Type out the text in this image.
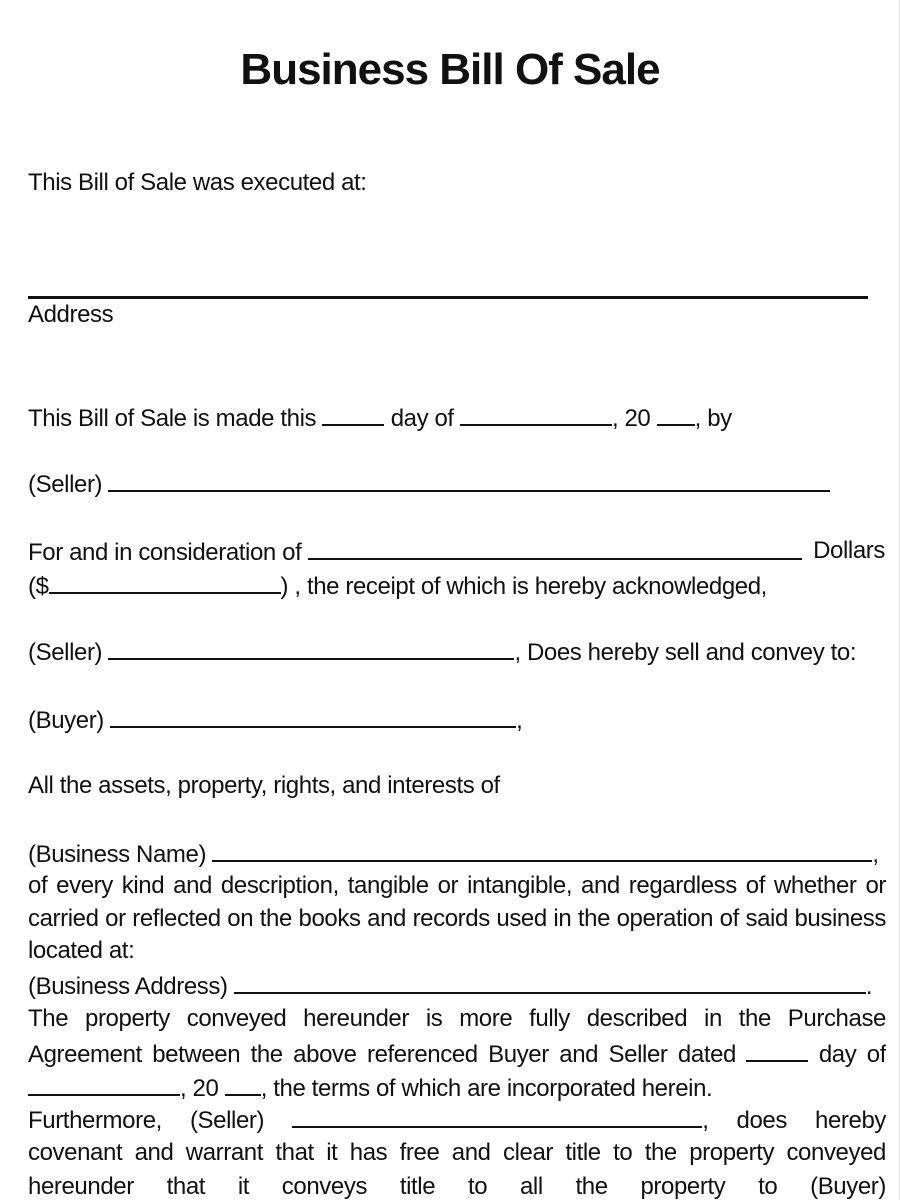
Business Bill Of Sale
This Bill of Sale was executed at:
Address
This Bill of Sale is made this	day of	, 20 , by
(Seller)
For and in consideration of	Dollars
($	) , the receipt of which is hereby acknowledged,
(Seller)	, Does hereby sell and convey to:
(Buyer)	,
All the assets, property, rights, and interests of
(Business Name)	,
of every kind and description, tangible or intangible, and regardless of whether or
carried or reflected on the books and records used in the operation of said business
located at:
(Business Address)	.
The property conveyed hereunder is more fully described in the Purchase
Agreement between the above referenced Buyer and Seller dated	day of
, 20 , the terms of which are incorporated herein.
Furthermore, (Seller)	, does hereby
covenant and warrant that it has free and clear title to the property conveyed
hereunder that it conveys title to all the property to (Buyer)
